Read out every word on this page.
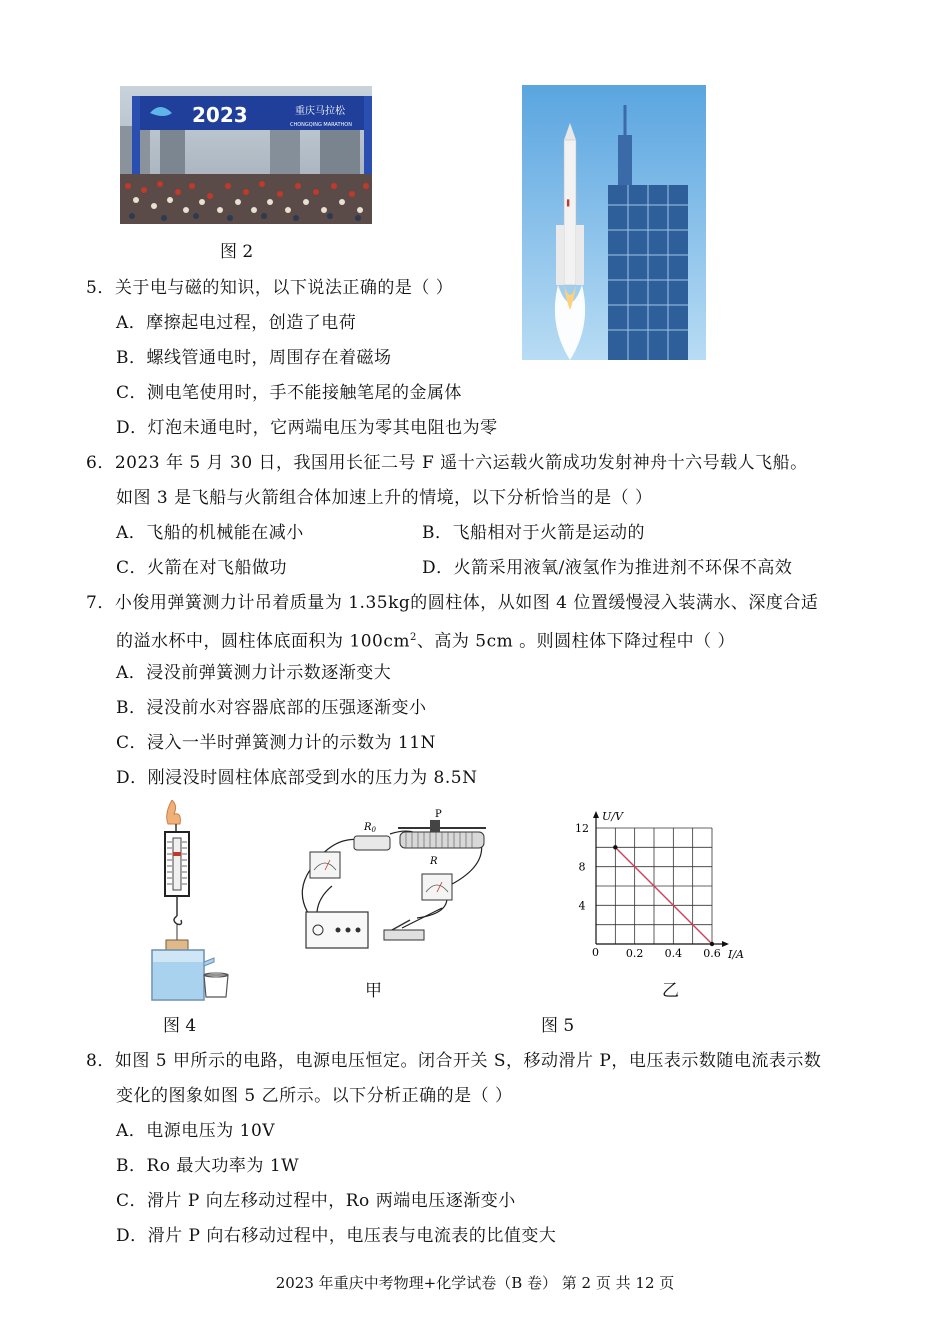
2023	重庆马拉松
CHONGQING MARATHON
图 2
▌
5．关于电与磁的知识，以下说法正确的是（ ）
A．摩擦起电过程，创造了电荷
B．螺线管通电时，周围存在着磁场
C．测电笔使用时，手不能接触笔尾的金属体
D．灯泡未通电时，它两端电压为零其电阻也为零
6．2023 年 5 月 30 日，我国用长征二号 F 遥十六运载火箭成功发射神舟十六号载人飞船。
如图 3 是飞船与火箭组合体加速上升的情境，以下分析恰当的是（ ）
A．飞船的机械能在减小	B．飞船相对于火箭是运动的
C．火箭在对飞船做功	D．火箭采用液氧/液氢作为推进剂不环保不高效
7．小俊用弹簧测力计吊着质量为 1.35kg的圆柱体，从如图 4 位置缓慢浸入装满水、深度合适
的溢水杯中，圆柱体底面积为 $100cm^2$、高为 5cm 。则圆柱体下降过程中（ ）
A．浸没前弹簧测力计示数逐渐变大
B．浸没前水对容器底部的压强逐渐变小
C．浸入一半时弹簧测力计的示数为 11N
D．刚浸没时圆柱体底部受到水的压力为 8.5N
图 4
$R_0$
P
R
甲
U/V
I/A
0
12
8
4
0.2 0.4 0.6
乙
图 5
8．如图 5 甲所示的电路，电源电压恒定。闭合开关 S，移动滑片 P，电压表示数随电流表示数
变化的图象如图 5 乙所示。以下分析正确的是（ ）
A．电源电压为 10V
B．Ro 最大功率为 1W
C．滑片 P 向左移动过程中，Ro 两端电压逐渐变小
D．滑片 P 向右移动过程中，电压表与电流表的比值变大
2023 年重庆中考物理+化学试卷（B 卷） 第 2 页 共 12 页
